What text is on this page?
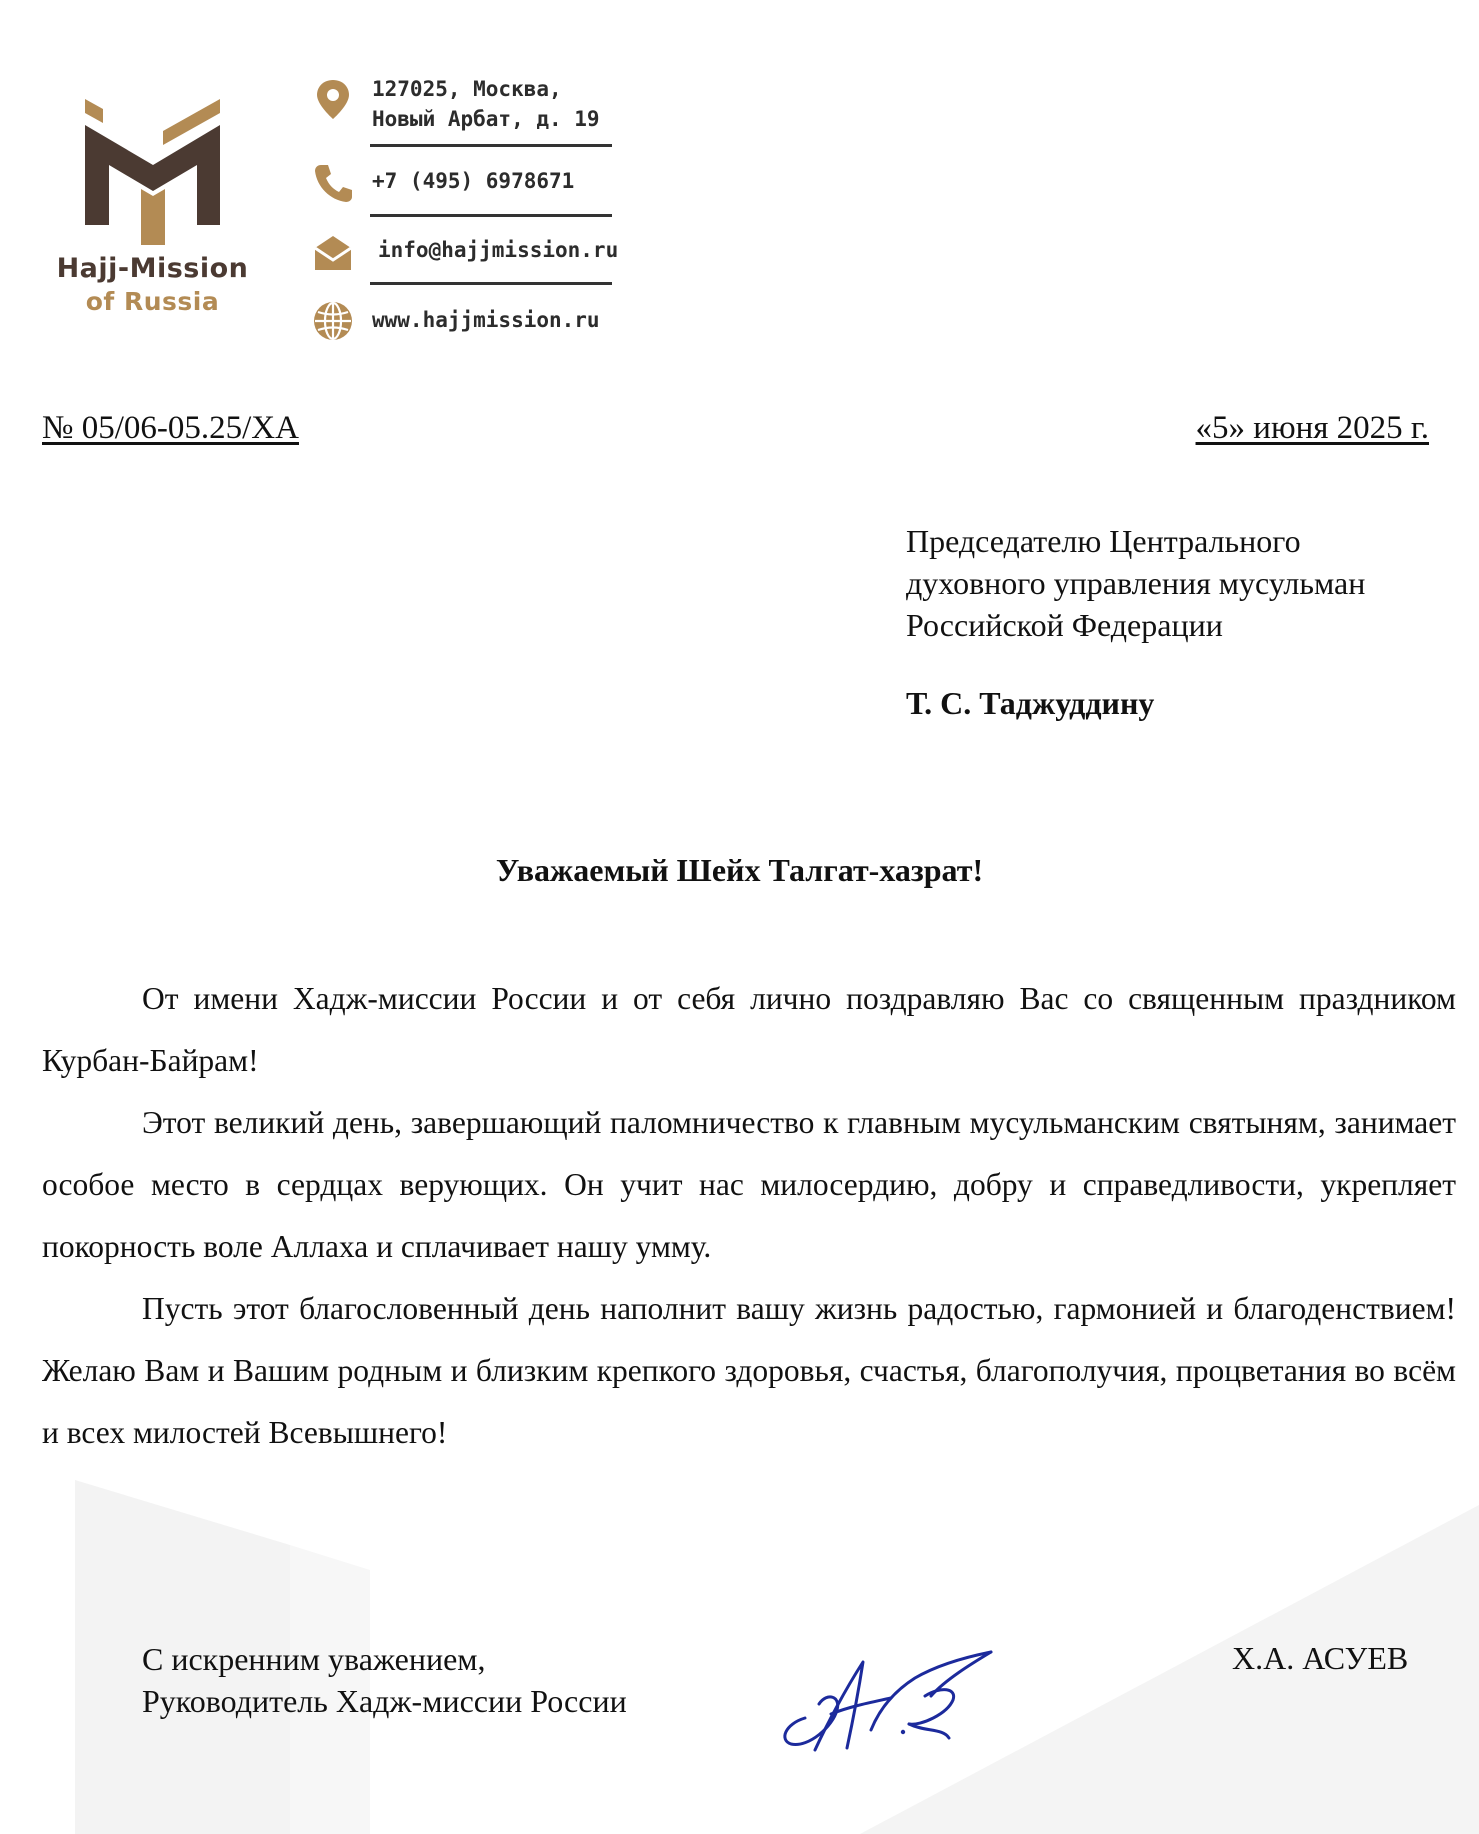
Hajj-Mission
of Russia
127025, Москва,
Новый Арбат, д. 19
+7 (495) 6978671
info@hajjmission.ru
www.hajjmission.ru
№ 05/06-05.25/ХА	«5» июня 2025 г.
Председателю Центрального
духовного управления мусульман
Российской Федерации
Т. С. Таджуддину
Уважаемый Шейх Талгат-хазрат!

От имени Хадж-миссии России и от себя лично поздравляю Вас со священным праздником Курбан-Байрам!

Этот великий день, завершающий паломничество к главным мусульманским святыням, занимает особое место в сердцах верующих. Он учит нас милосердию, добру и справедливости, укрепляет покорность воле Аллаха и сплачивает нашу умму.

Пусть этот благословенный день наполнит вашу жизнь радостью, гармонией и благоденствием! Желаю Вам и Вашим родным и близким крепкого здоровья, счастья, благополучия, процветания во всём и всех милостей Всевышнего!

С искренним уважением,
Руководитель Хадж-миссии России
Х.А. АСУЕВ
